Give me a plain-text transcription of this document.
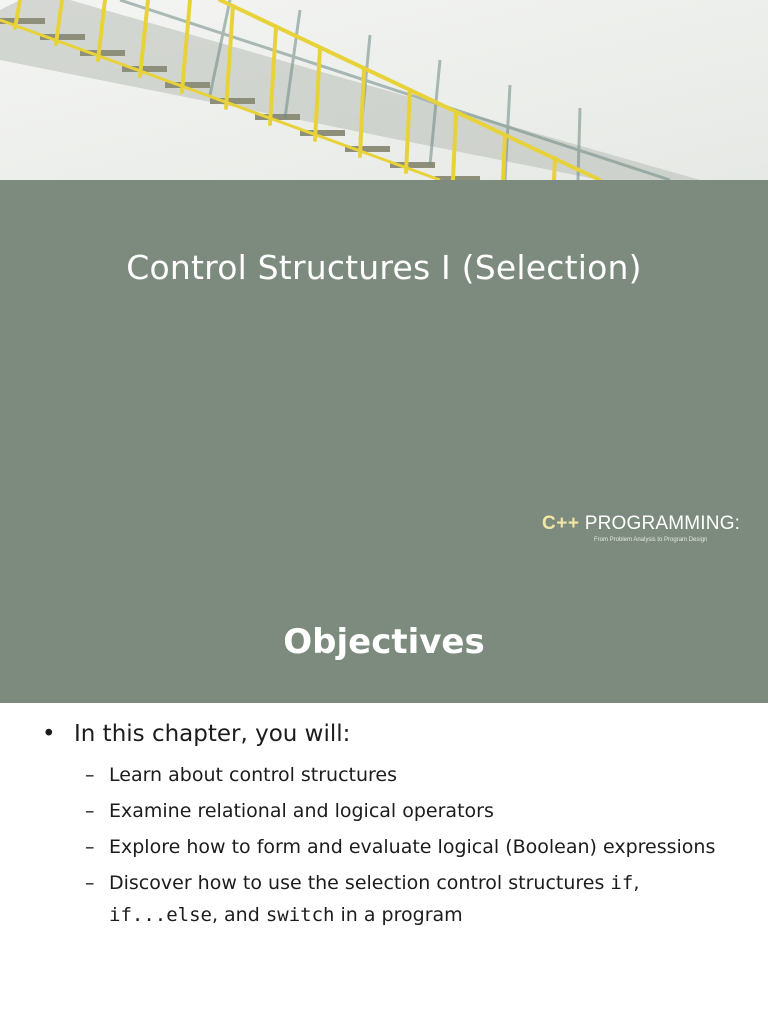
Control Structures I (Selection)
C++ PROGRAMMING:
From Problem Analysis to Program Design
Objectives
• In this chapter, you will:
– Learn about control structures
– Examine relational and logical operators
– Explore how to form and evaluate logical (Boolean) expressions
– Discover how to use the selection control structures if, if...else, and switch in a program
